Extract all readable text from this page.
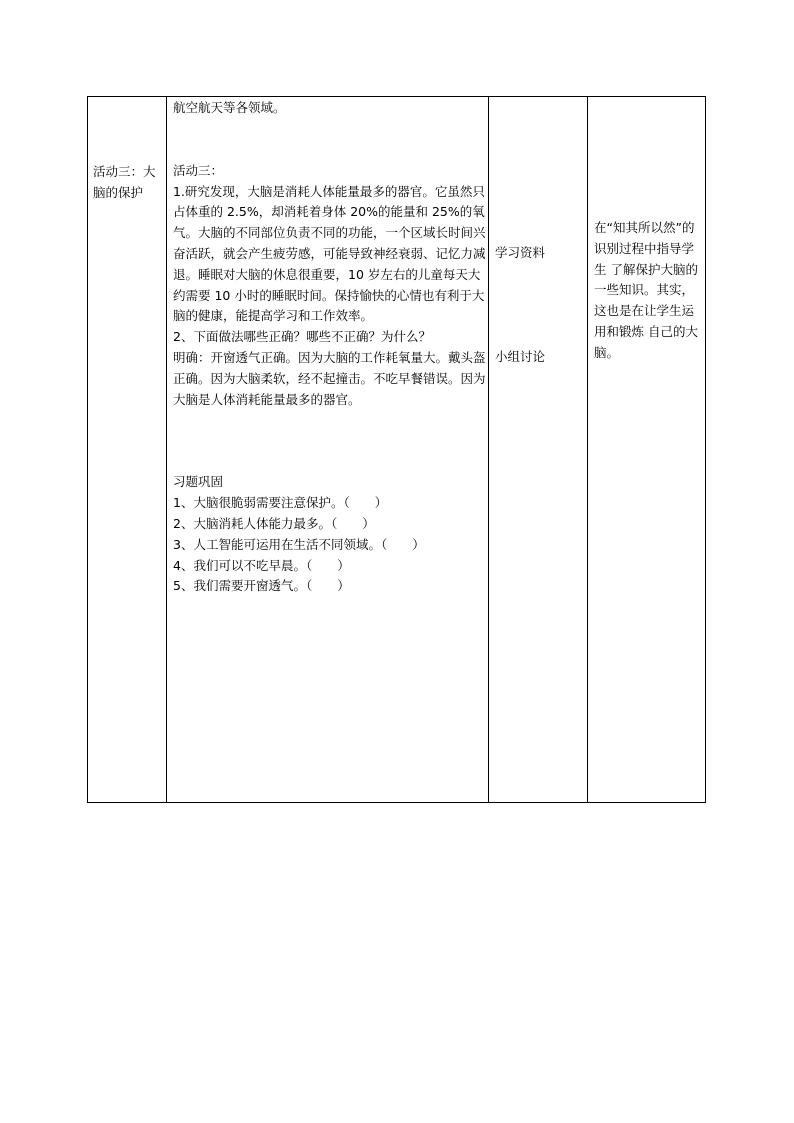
活动三：大脑的保护

航空航天等各领域。

活动三：

1.研究发现，大脑是消耗人体能量最多的器官。它虽然只占体重的 2.5%，却消耗着身体 20%的能量和 25%的氧气。大脑的不同部位负责不同的功能，一个区域长时间兴奋活跃，就会产生疲劳感，可能导致神经衰弱、记忆力减退。睡眠对大脑的休息很重要，10 岁左右的儿童每天大约需要 10 小时的睡眠时间。保持愉快的心情也有利于大脑的健康，能提高学习和工作效率。

2、下面做法哪些正确？哪些不正确？为什么？

明确：开窗透气正确。因为大脑的工作耗氧量大。戴头盔正确。因为大脑柔软，经不起撞击。不吃早餐错误。因为大脑是人体消耗能量最多的器官。

习题巩固

1、大脑很脆弱需要注意保护。（　　）

2、大脑消耗人体能力最多。（　　）

3、人工智能可运用在生活不同领域。（　　）

4、我们可以不吃早晨。（　　）

5、我们需要开窗透气。（　　）

学习资料

小组讨论

在“知其所以然”的识别过程中指导学生 了解保护大脑的一些知识。其实，这也是在让学生运用和锻炼 自己的大脑。
